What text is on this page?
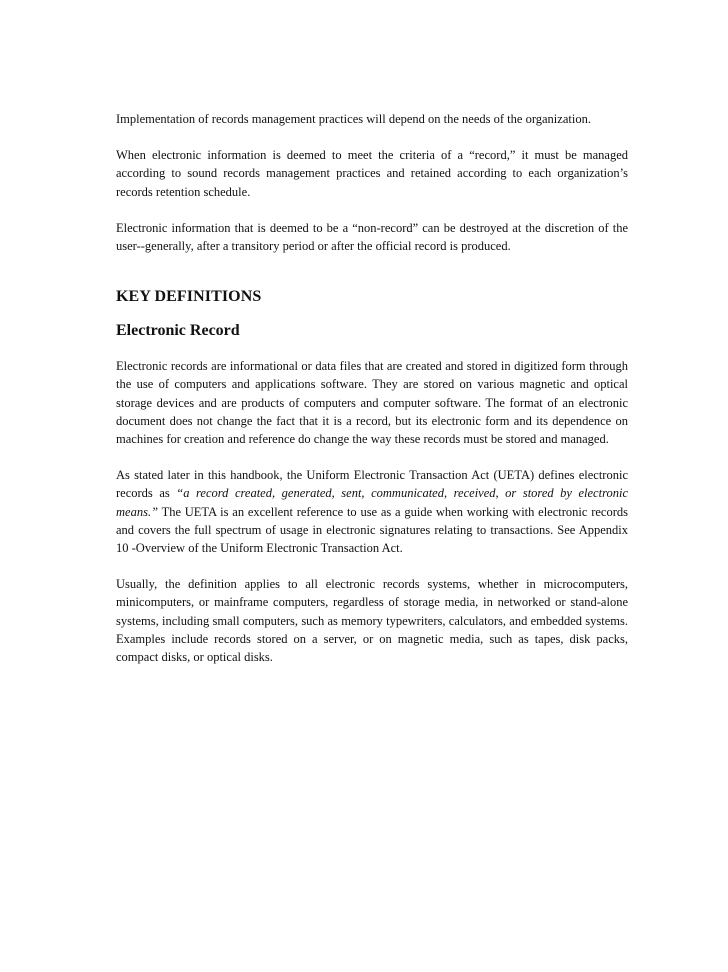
Implementation of records management practices will depend on the needs of the organization.

When electronic information is deemed to meet the criteria of a “record,” it must be managed according to sound records management practices and retained according to each organization’s records retention schedule.

Electronic information that is deemed to be a “non-record” can be destroyed at the discretion of the user--generally, after a transitory period or after the official record is produced.

KEY DEFINITIONS
Electronic Record

Electronic records are informational or data files that are created and stored in digitized form through the use of computers and applications software. They are stored on various magnetic and optical storage devices and are products of computers and computer software. The format of an electronic document does not change the fact that it is a record, but its electronic form and its dependence on machines for creation and reference do change the way these records must be stored and managed.

As stated later in this handbook, the Uniform Electronic Transaction Act (UETA) defines electronic records as “a record created, generated, sent, communicated, received, or stored by electronic means.” The UETA is an excellent reference to use as a guide when working with electronic records and covers the full spectrum of usage in electronic signatures relating to transactions. See Appendix 10 -Overview of the Uniform Electronic Transaction Act.

Usually, the definition applies to all electronic records systems, whether in microcomputers, minicomputers, or mainframe computers, regardless of storage media, in networked or stand-alone systems, including small computers, such as memory typewriters, calculators, and embedded systems. Examples include records stored on a server, or on magnetic media, such as tapes, disk packs, compact disks, or optical disks.
